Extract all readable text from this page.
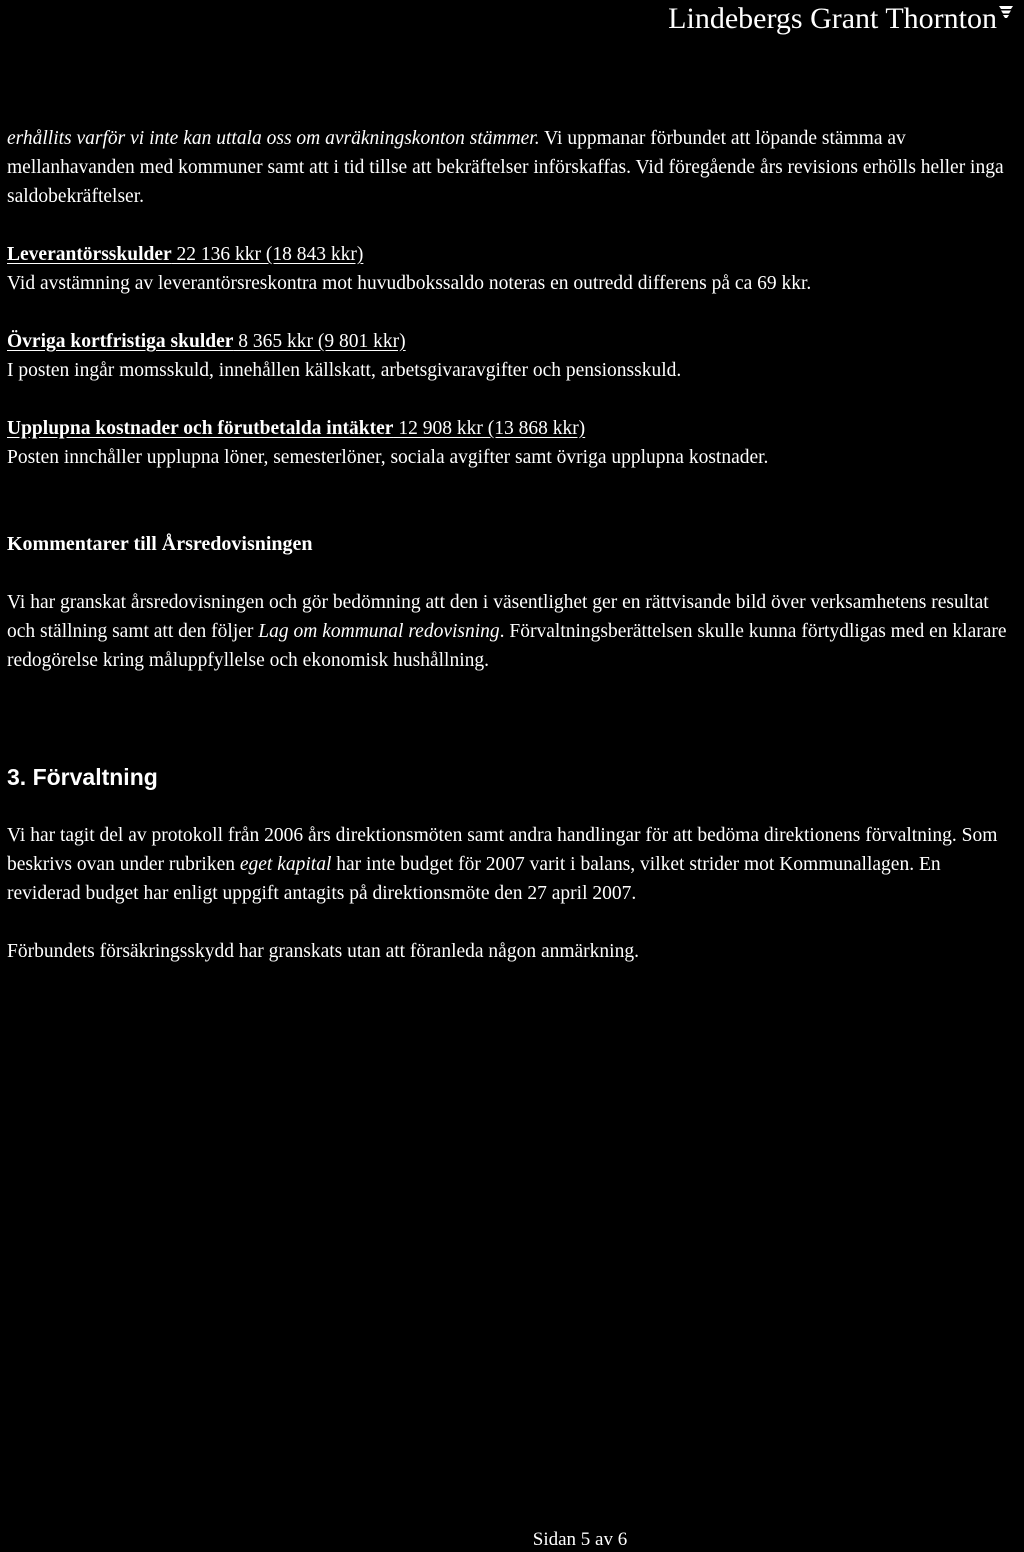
Lindebergs Grant Thornton

erhållits varför vi inte kan uttala oss om avräkningskonton stämmer. Vi uppmanar förbundet att löpande stämma av mellanhavanden med kommuner samt att i tid tillse att bekräftelser införskaffas. Vid föregående års revisions erhölls heller inga saldobekräftelser.

Leverantörsskulder 22 136 kkr (18 843 kkr)

Vid avstämning av leverantörsreskontra mot huvudbokssaldo noteras en outredd differens på ca 69 kkr.

Övriga kortfristiga skulder 8 365 kkr (9 801 kkr)

I posten ingår momsskuld, innehållen källskatt, arbetsgivaravgifter och pensionsskuld.

Upplupna kostnader och förutbetalda intäkter 12 908 kkr (13 868 kkr)

Posten innchåller upplupna löner, semesterlöner, sociala avgifter samt övriga upplupna kostnader.

Kommentarer till Årsredovisningen

Vi har granskat årsredovisningen och gör bedömning att den i väsentlighet ger en rättvisande bild över verksamhetens resultat och ställning samt att den följer Lag om kommunal redovisning. Förvaltningsberättelsen skulle kunna förtydligas med en klarare redogörelse kring måluppfyllelse och ekonomisk hushållning.

3. Förvaltning

Vi har tagit del av protokoll från 2006 års direktionsmöten samt andra handlingar för att bedöma direktionens förvaltning. Som beskrivs ovan under rubriken eget kapital har inte budget för 2007 varit i balans, vilket strider mot Kommunallagen. En reviderad budget har enligt uppgift antagits på direktionsmöte den 27 april 2007.

Förbundets försäkringsskydd har granskats utan att föranleda någon anmärkning.

Sidan 5 av 6
